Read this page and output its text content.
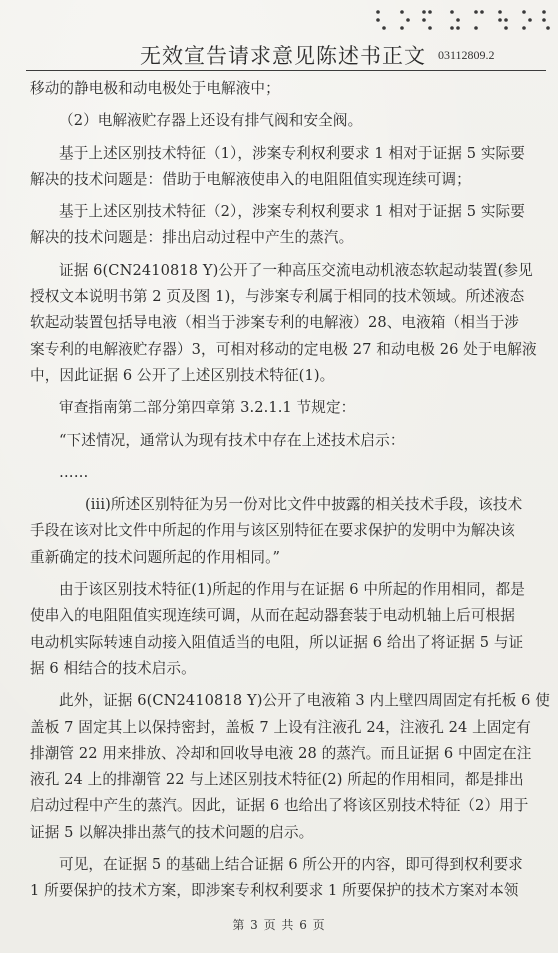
无效宣告请求意见陈述书正文 03112809.2
移动的静电极和动电极处于电解液中；
（2）电解液贮存器上还设有排气阀和安全阀。
基于上述区别技术特征（1），涉案专利权利要求 1 相对于证据 5 实际要
解决的技术问题是：借助于电解液使串入的电阻阻值实现连续可调；
基于上述区别技术特征（2），涉案专利权利要求 1 相对于证据 5 实际要
解决的技术问题是：排出启动过程中产生的蒸汽。
证据 6(CN2410818 Y)公开了一种高压交流电动机液态软起动装置(参见
授权文本说明书第 2 页及图 1)，与涉案专利属于相同的技术领域。所述液态
软起动装置包括导电液（相当于涉案专利的电解液）28、电液箱（相当于涉
案专利的电解液贮存器）3，可相对移动的定电极 27 和动电极 26 处于电解液
中，因此证据 6 公开了上述区别技术特征(1)。
审查指南第二部分第四章第 3.2.1.1 节规定：
“下述情况，通常认为现有技术中存在上述技术启示：
……
(iii)所述区别特征为另一份对比文件中披露的相关技术手段，该技术
手段在该对比文件中所起的作用与该区别特征在要求保护的发明中为解决该
重新确定的技术问题所起的作用相同。”
由于该区别技术特征(1)所起的作用与在证据 6 中所起的作用相同，都是
使串入的电阻阻值实现连续可调，从而在起动器套装于电动机轴上后可根据
电动机实际转速自动接入阻值适当的电阻，所以证据 6 给出了将证据 5 与证
据 6 相结合的技术启示。
此外，证据 6(CN2410818 Y)公开了电液箱 3 内上壁四周固定有托板 6 使
盖板 7 固定其上以保持密封，盖板 7 上设有注液孔 24，注液孔 24 上固定有
排潮管 22 用来排放、冷却和回收导电液 28 的蒸汽。而且证据 6 中固定在注
液孔 24 上的排潮管 22 与上述区别技术特征(2) 所起的作用相同，都是排出
启动过程中产生的蒸汽。因此，证据 6 也给出了将该区别技术特征（2）用于
证据 5 以解决排出蒸气的技术问题的启示。
可见，在证据 5 的基础上结合证据 6 所公开的内容，即可得到权利要求
1 所要保护的技术方案，即涉案专利权利要求 1 所要保护的技术方案对本领
第 3 页 共 6 页
